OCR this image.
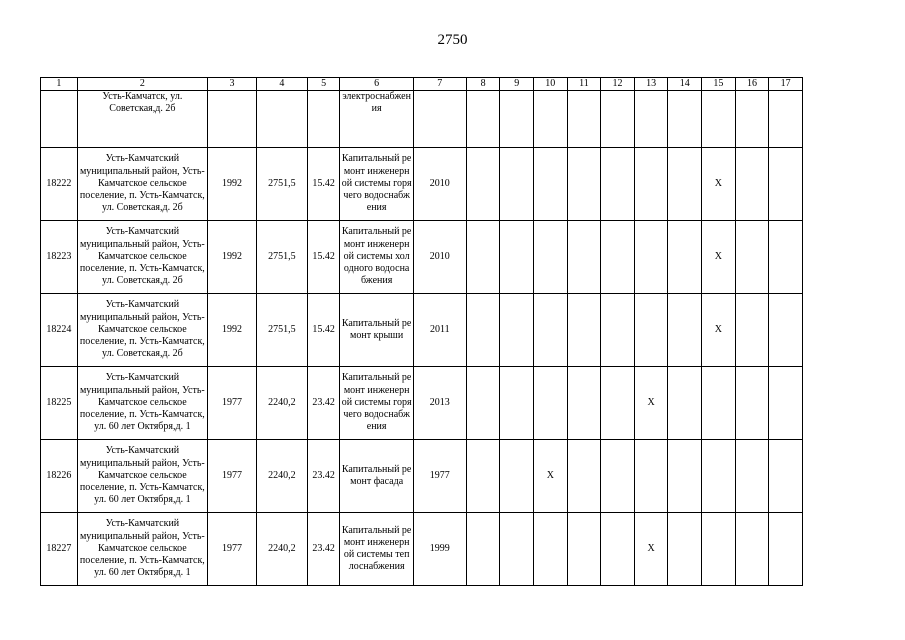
2750
1	2	3	4	5	6	7	8	9	10	11	12	13	14	15	16	17
	Усть-Камчатск, ул. Советская,д. 2б				электроснабжения											
18222	Усть-Камчатский муниципальный район, Усть-Камчатское сельское поселение, п. Усть-Камчатск, ул. Советская,д. 2б	1992	2751,5	15.42	Капитальный ремонт инженерной системы горячего водоснабжения	2010								X		
18223	Усть-Камчатский муниципальный район, Усть-Камчатское сельское поселение, п. Усть-Камчатск, ул. Советская,д. 2б	1992	2751,5	15.42	Капитальный ремонт инженерной системы холодного водоснабжения	2010								X		
18224	Усть-Камчатский муниципальный район, Усть-Камчатское сельское поселение, п. Усть-Камчатск, ул. Советская,д. 2б	1992	2751,5	15.42	Капитальный ремонт крыши	2011								X		
18225	Усть-Камчатский муниципальный район, Усть-Камчатское сельское поселение, п. Усть-Камчатск, ул. 60 лет Октября,д. 1	1977	2240,2	23.42	Капитальный ремонт инженерной системы горячего водоснабжения	2013						X				
18226	Усть-Камчатский муниципальный район, Усть-Камчатское сельское поселение, п. Усть-Камчатск, ул. 60 лет Октября,д. 1	1977	2240,2	23.42	Капитальный ремонт фасада	1977			X							
18227	Усть-Камчатский муниципальный район, Усть-Камчатское сельское поселение, п. Усть-Камчатск, ул. 60 лет Октября,д. 1	1977	2240,2	23.42	Капитальный ремонт инженерной системы теплоснабжения	1999						X				
